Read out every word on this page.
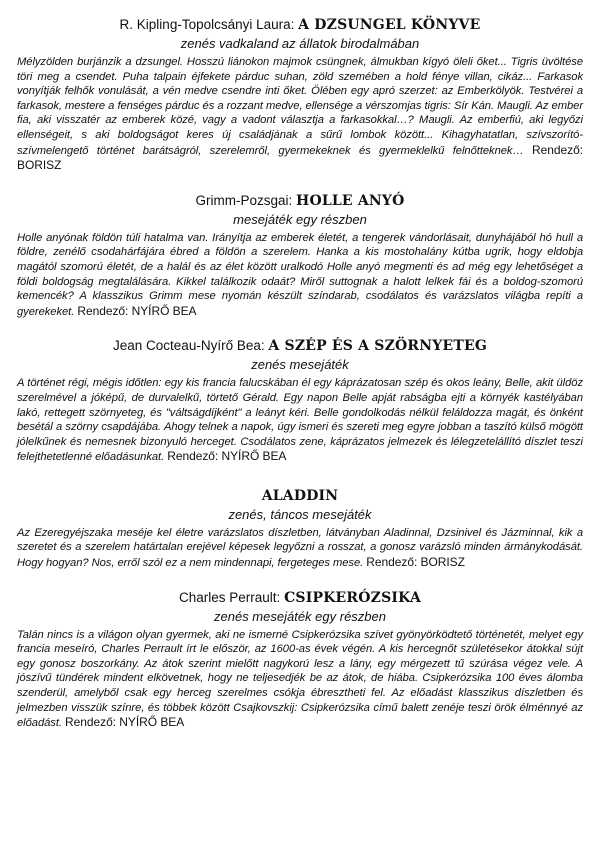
R. Kipling-Topolcsányi Laura: A DZSUNGEL KÖNYVE
zenés vadkaland az állatok birodalmában
Mélyzölden burjánzik a dzsungel. Hosszú liánokon majmok csüngnek, álmukban kígyó öleli őket... Tigris üvöltése töri meg a csendet. Puha talpain éjfekete párduc suhan, zöld szemében a hold fénye villan, cikáz... Farkasok vonyítják felhők vonulását, a vén medve csendre inti őket. Ölében egy apró szerzet: az Emberkölyök. Testvérei a farkasok, mestere a fenséges párduc és a rozzant medve, ellensége a vérszomjas tigris: Sír Kán. Maugli. Az ember fia, aki visszatér az emberek közé, vagy a vadont választja a farkasokkal…? Maugli. Az emberfiú, aki legyőzi ellenségeit, s aki boldogságot keres új családjának a sűrű lombok között... Kihagyhatatlan, szívszorító- szívmelengető történet barátságról, szerelemről, gyermekeknek és gyermeklelkű felnőtteknek… Rendező: BORISZ
Grimm-Pozsgai: HOLLE ANYÓ
mesejáték egy részben
Holle anyónak földön túli hatalma van. Irányítja az emberek életét, a tengerek vándorlásait, dunyhájából hó hull a földre, zenélő csodahárfájára ébred a földön a szerelem. Hanka a kis mostohalány kútba ugrik, hogy eldobja magától szomorú életét, de a halál és az élet között uralkodó Holle anyó megmenti és ad még egy lehetőséget a földi boldogság megtalálására. Kikkel találkozik odaát? Miről suttognak a halott lelkek fái és a boldog-szomorú kemencék? A klasszikus Grimm mese nyomán készült színdarab, csodálatos és varázslatos világba repíti a gyerekeket. Rendező: NYÍRŐ BEA
Jean Cocteau-Nyírő Bea: A SZÉP ÉS A SZÖRNYETEG
zenés mesejáték
A történet régi, mégis időtlen: egy kis francia falucskában él egy káprázatosan szép és okos leány, Belle, akit üldöz szerelmével a jóképű, de durvalelkű, törtető Gérald. Egy napon Belle apját rabságba ejti a környék kastélyában lakó, rettegett szörnyeteg, és "váltságdíjként" a leányt kéri. Belle gondolkodás nélkül feláldozza magát, és önként besétál a szörny csapdájába. Ahogy telnek a napok, úgy ismeri és szereti meg egyre jobban a taszító külső mögött jólelkűnek és nemesnek bizonyuló herceget. Csodálatos zene, káprázatos jelmezek és lélegzetelállító díszlet teszi felejthetetlenné előadásunkat. Rendező: NYÍRŐ BEA
ALADDIN
zenés, táncos mesejáték
Az Ezeregyéjszaka meséje kel életre varázslatos díszletben, látványban Aladinnal, Dzsinivel és Jázminnal, kik a szeretet és a szerelem határtalan erejével képesek legyőzni a rosszat, a gonosz varázsló minden ármánykodását. Hogy hogyan? Nos, erről szól ez a nem mindennapi, fergeteges mese. Rendező: BORISZ
Charles Perrault: CSIPKERÓZSIKA
zenés mesejáték egy részben
Talán nincs is a világon olyan gyermek, aki ne ismerné Csipkerózsika szívet gyönyörködtető történetét, melyet egy francia meseíró, Charles Perrault írt le először, az 1600-as évek végén. A kis hercegnőt születésekor átokkal sújt egy gonosz boszorkány. Az átok szerint mielőtt nagykorú lesz a lány, egy mérgezett tű szúrása végez vele. A jószívű tündérek mindent elkövetnek, hogy ne teljesedjék be az átok, de hiába. Csipkerózsika 100 éves álomba szenderül, amelyből csak egy herceg szerelmes csókja ébresztheti fel. Az előadást klasszikus díszletben és jelmezben visszük színre, és többek között Csajkovszkij: Csipkerózsika című balett zenéje teszi örök élménnyé az előadást. Rendező: NYÍRŐ BEA
